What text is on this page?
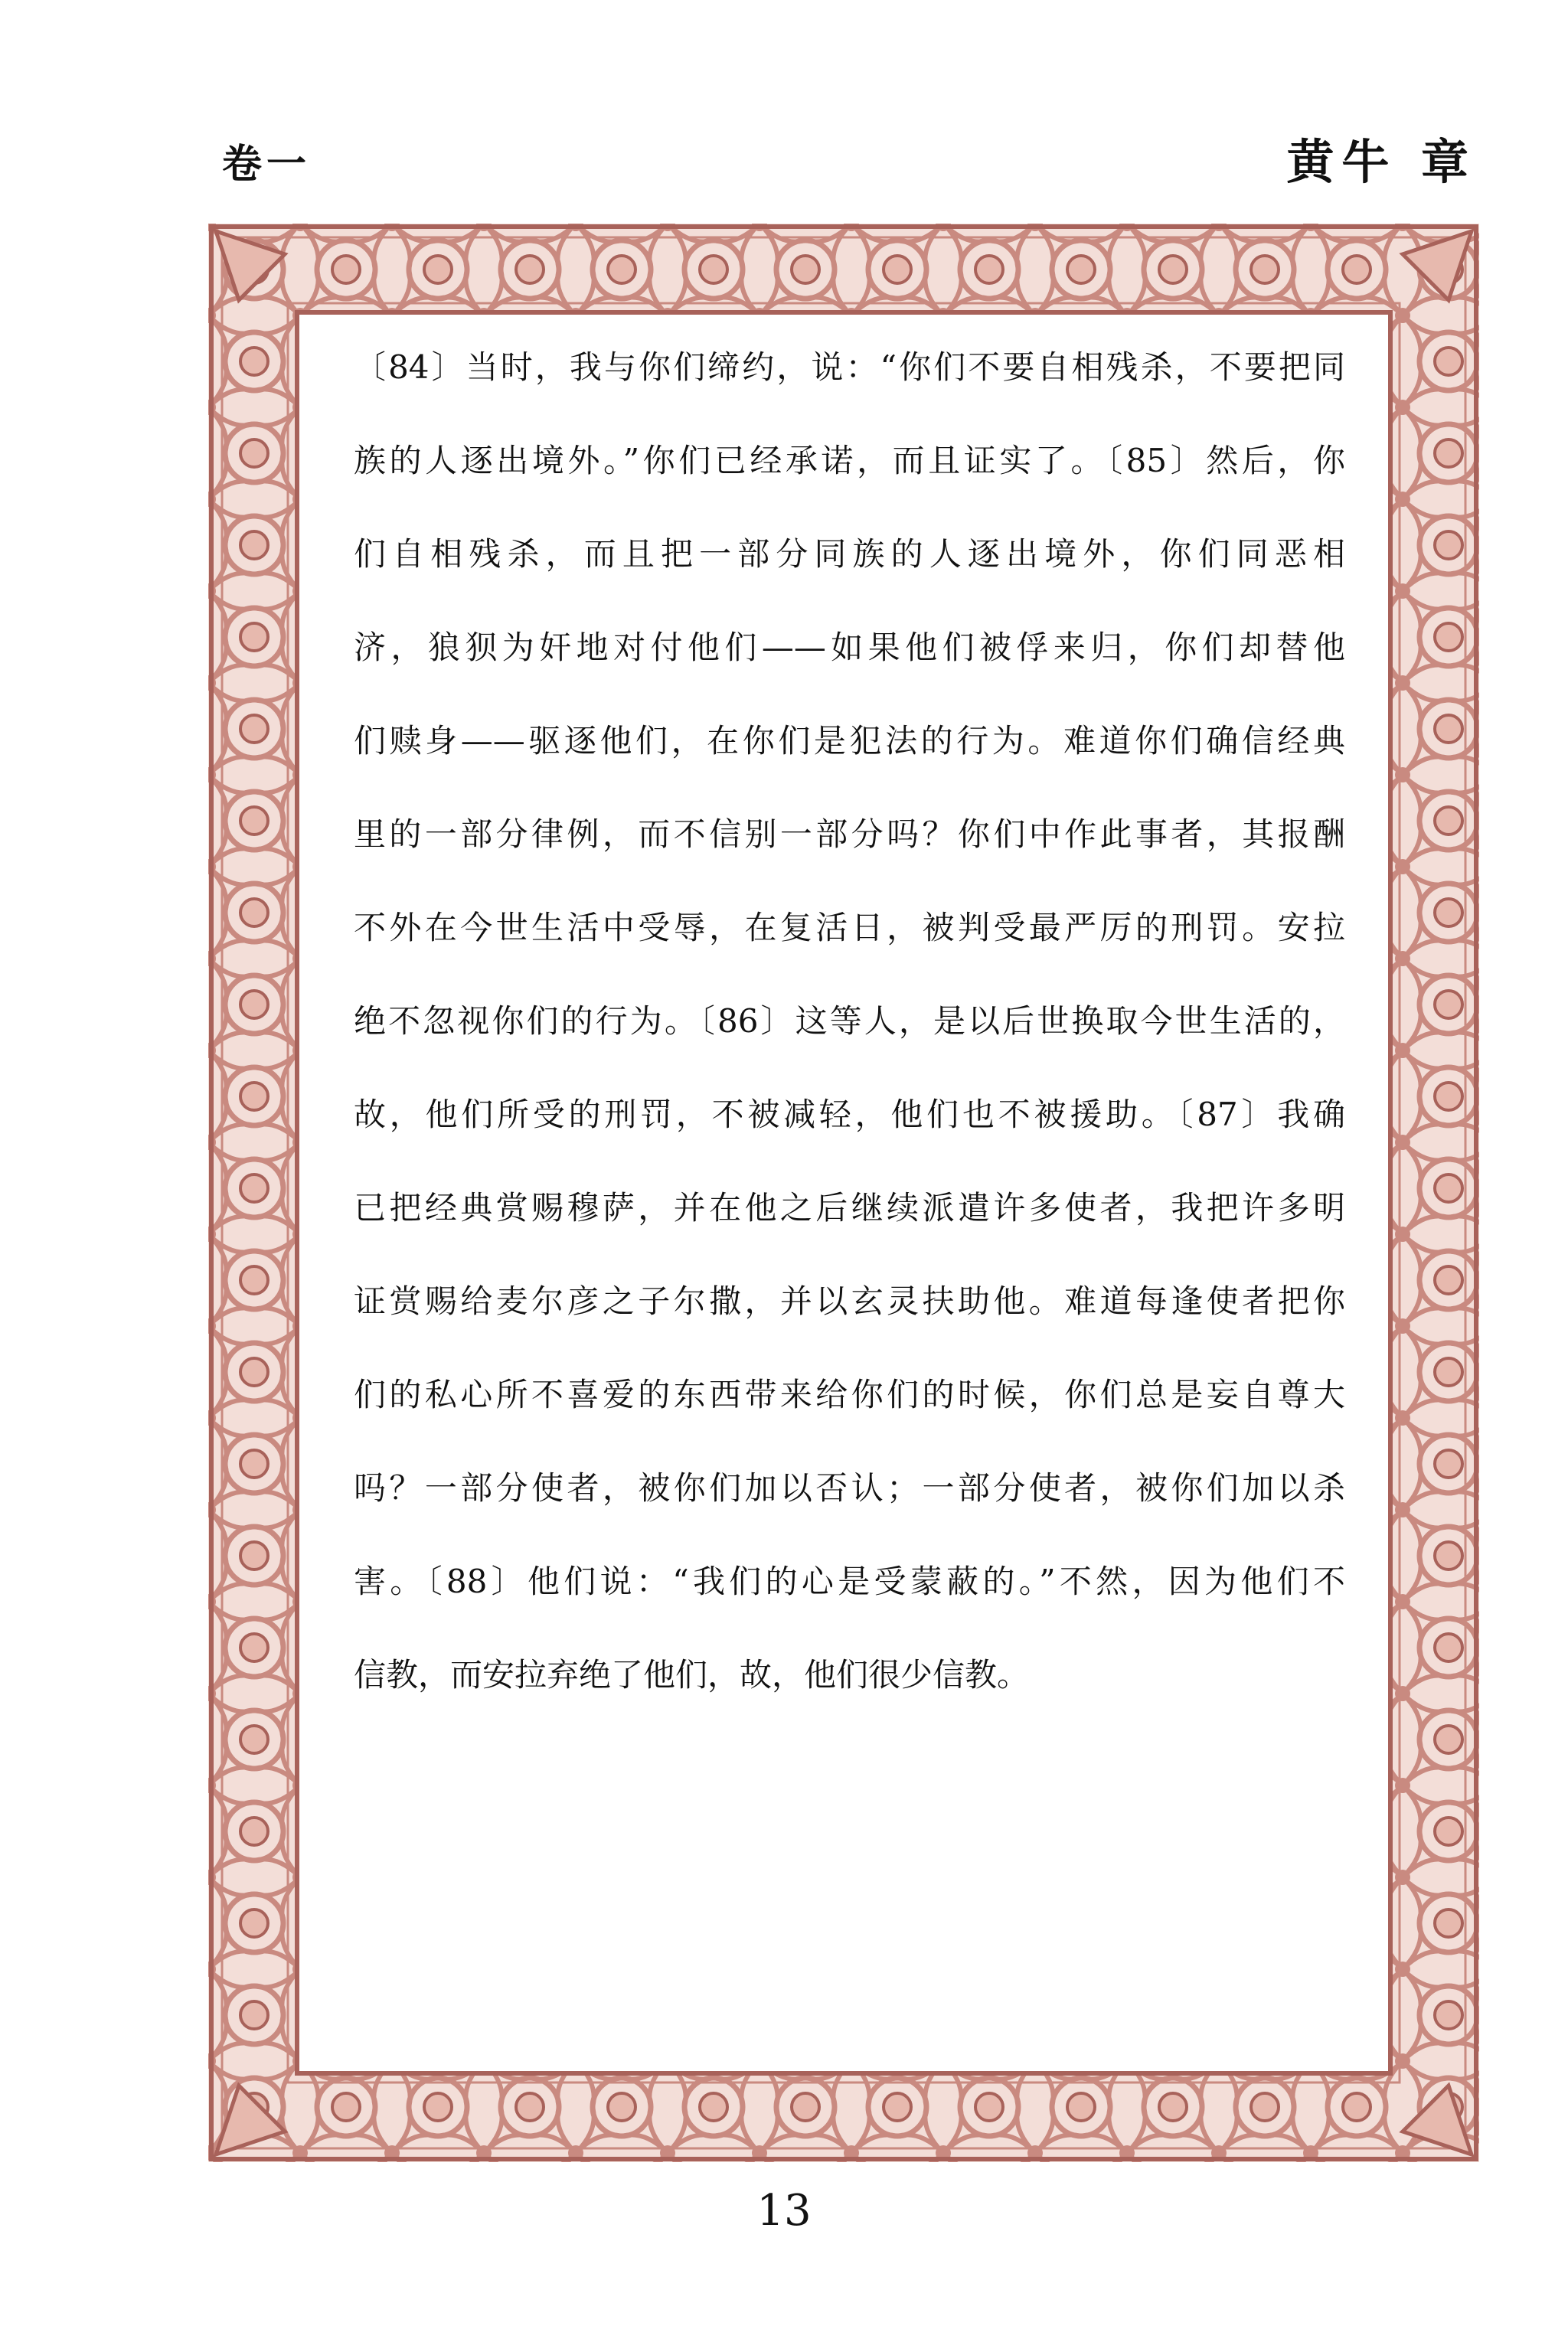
卷一	黄牛 章
〔84〕当时，我与你们缔约，说：“你们不要自相残杀，不要把同
族的人逐出境外。”你们已经承诺，而且证实了。〔85〕然后，你
们自相残杀，而且把一部分同族的人逐出境外，你们同恶相
济，狼狈为奸地对付他们——如果他们被俘来归，你们却替他
们赎身——驱逐他们，在你们是犯法的行为。难道你们确信经典
里的一部分律例，而不信别一部分吗？你们中作此事者，其报酬
不外在今世生活中受辱，在复活日，被判受最严厉的刑罚。安拉
绝不忽视你们的行为。〔86〕这等人，是以后世换取今世生活的，
故，他们所受的刑罚，不被减轻，他们也不被援助。〔87〕我确
已把经典赏赐穆萨，并在他之后继续派遣许多使者，我把许多明
证赏赐给麦尔彦之子尔撒，并以玄灵扶助他。难道每逢使者把你
们的私心所不喜爱的东西带来给你们的时候，你们总是妄自尊大
吗？一部分使者，被你们加以否认；一部分使者，被你们加以杀
害。〔88〕他们说：“我们的心是受蒙蔽的。”不然，因为他们不
信教，而安拉弃绝了他们，故，他们很少信教。
13
